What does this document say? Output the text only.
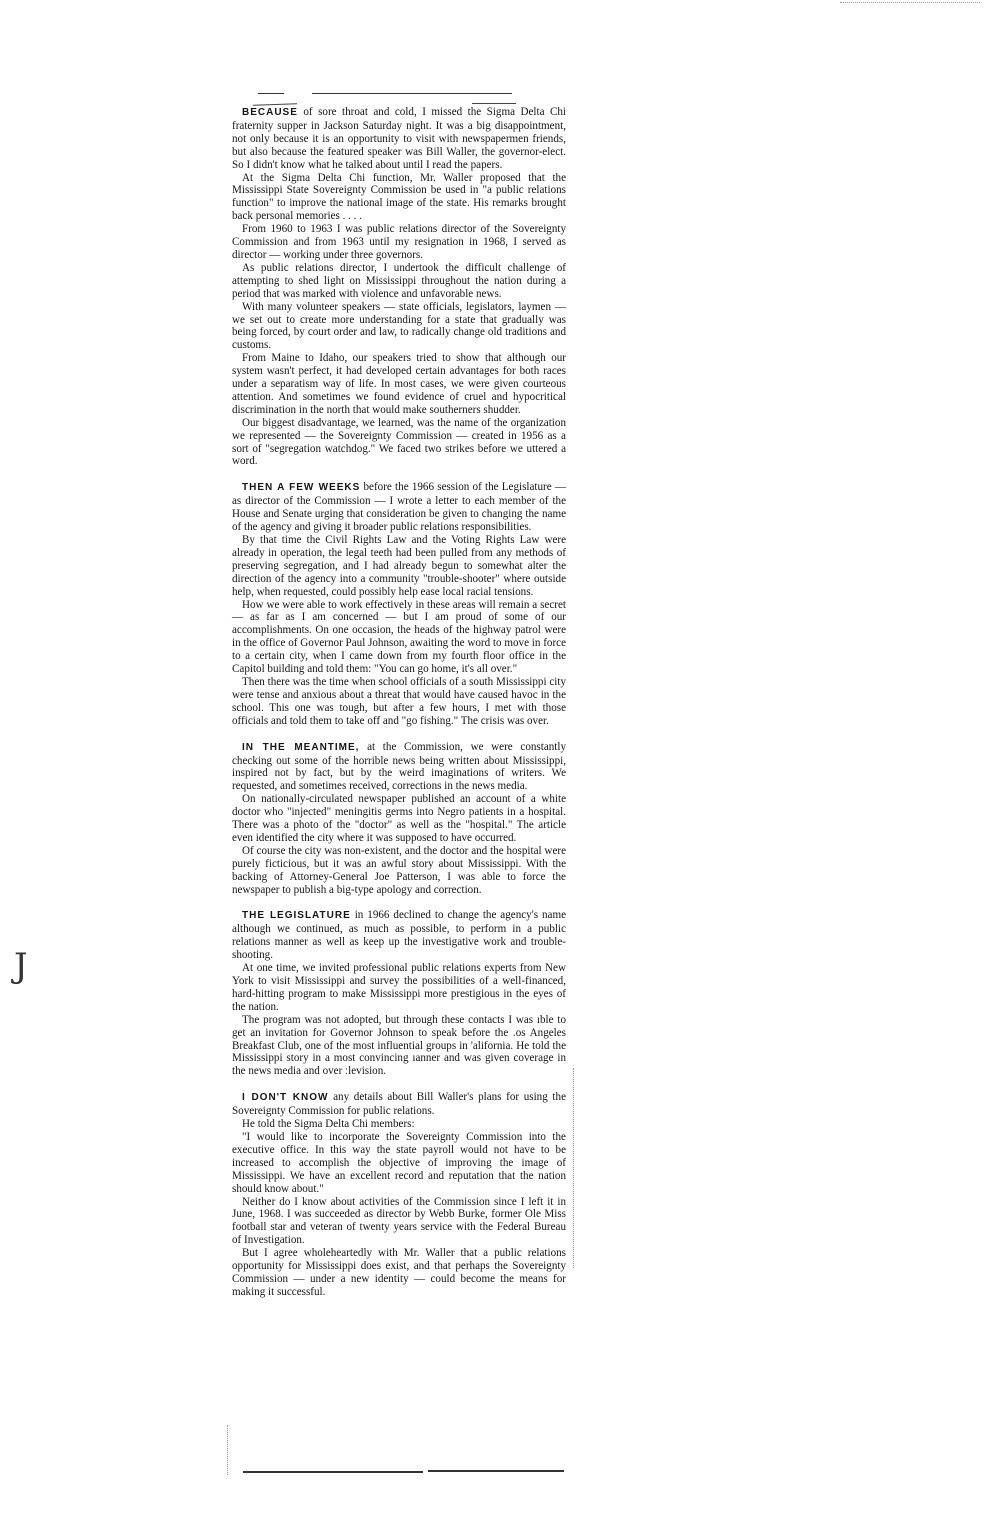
J

BECAUSE of sore throat and cold, I missed the Sigma Delta Chi fraternity supper in Jackson Saturday night. It was a big disappointment, not only because it is an opportunity to visit with newspapermen friends, but also because the featured speaker was Bill Waller, the governor-elect. So I didn't know what he talked about until I read the papers.

At the Sigma Delta Chi function, Mr. Waller proposed that the Mississippi State Sovereignty Commission be used in "a public relations function" to improve the national image of the state. His remarks brought back personal memories . . . .

From 1960 to 1963 I was public relations director of the Sovereignty Commission and from 1963 until my resignation in 1968, I served as director — working under three governors.

As public relations director, I undertook the difficult challenge of attempting to shed light on Mississippi throughout the nation during a period that was marked with violence and unfavorable news.

With many volunteer speakers — state officials, legislators, laymen — we set out to create more understanding for a state that gradually was being forced, by court order and law, to radically change old traditions and customs.

From Maine to Idaho, our speakers tried to show that although our system wasn't perfect, it had developed certain advantages for both races under a separatism way of life. In most cases, we were given courteous attention. And sometimes we found evidence of cruel and hypocritical discrimination in the north that would make southerners shudder.

Our biggest disadvantage, we learned, was the name of the organization we represented — the Sovereignty Commission — created in 1956 as a sort of "segregation watchdog." We faced two strikes before we uttered a word.

THEN A FEW WEEKS before the 1966 session of the Legislature — as director of the Commission — I wrote a letter to each member of the House and Senate urging that consideration be given to changing the name of the agency and giving it broader public relations responsibilities.

By that time the Civil Rights Law and the Voting Rights Law were already in operation, the legal teeth had been pulled from any methods of preserving segregation, and I had already begun to somewhat alter the direction of the agency into a community "trouble-shooter" where outside help, when requested, could possibly help ease local racial tensions.

How we were able to work effectively in these areas will remain a secret — as far as I am concerned — but I am proud of some of our accomplishments. On one occasion, the heads of the highway patrol were in the office of Governor Paul Johnson, awaiting the word to move in force to a certain city, when I came down from my fourth floor office in the Capitol building and told them: "You can go home, it's all over."

Then there was the time when school officials of a south Mississippi city were tense and anxious about a threat that would have caused havoc in the school. This one was tough, but after a few hours, I met with those officials and told them to take off and "go fishing." The crisis was over.

IN THE MEANTIME, at the Commission, we were constantly checking out some of the horrible news being written about Mississippi, inspired not by fact, but by the weird imaginations of writers. We requested, and sometimes received, corrections in the news media.

On nationally-circulated newspaper published an account of a white doctor who "injected" meningitis germs into Negro patients in a hospital. There was a photo of the "doctor" as well as the "hospital." The article even identified the city where it was supposed to have occurred.

Of course the city was non-existent, and the doctor and the hospital were purely ficticious, but it was an awful story about Mississippi. With the backing of Attorney-General Joe Patterson, I was able to force the newspaper to publish a big-type apology and correction.

THE LEGISLATURE in 1966 declined to change the agency's name although we continued, as much as possible, to perform in a public relations manner as well as keep up the investigative work and trouble-shooting.

At one time, we invited professional public relations experts from New York to visit Mississippi and survey the possibilities of a well-financed, hard-hitting program to make Mississippi more prestigious in the eyes of the nation.

The program was not adopted, but through these contacts I was ıble to get an invitation for Governor Johnson to speak before the .os Angeles Breakfast Club, one of the most influential groups in 'alifornia. He told the Mississippi story in a most convincing ıanner and was given coverage in the news media and over ːlevision.

I DON'T KNOW any details about Bill Waller's plans for using the Sovereignty Commission for public relations.

He told the Sigma Delta Chi members:

"I would like to incorporate the Sovereignty Commission into the executive office. In this way the state payroll would not have to be increased to accomplish the objective of improving the image of Mississippi. We have an excellent record and reputation that the nation should know about."

Neither do I know about activities of the Commission since I left it in June, 1968. I was succeeded as director by Webb Burke, former Ole Miss football star and veteran of twenty years service with the Federal Bureau of Investigation.

But I agree wholeheartedly with Mr. Waller that a public relations opportunity for Mississippi does exist, and that perhaps the Sovereignty Commission — under a new identity — could become the means for making it successful.
